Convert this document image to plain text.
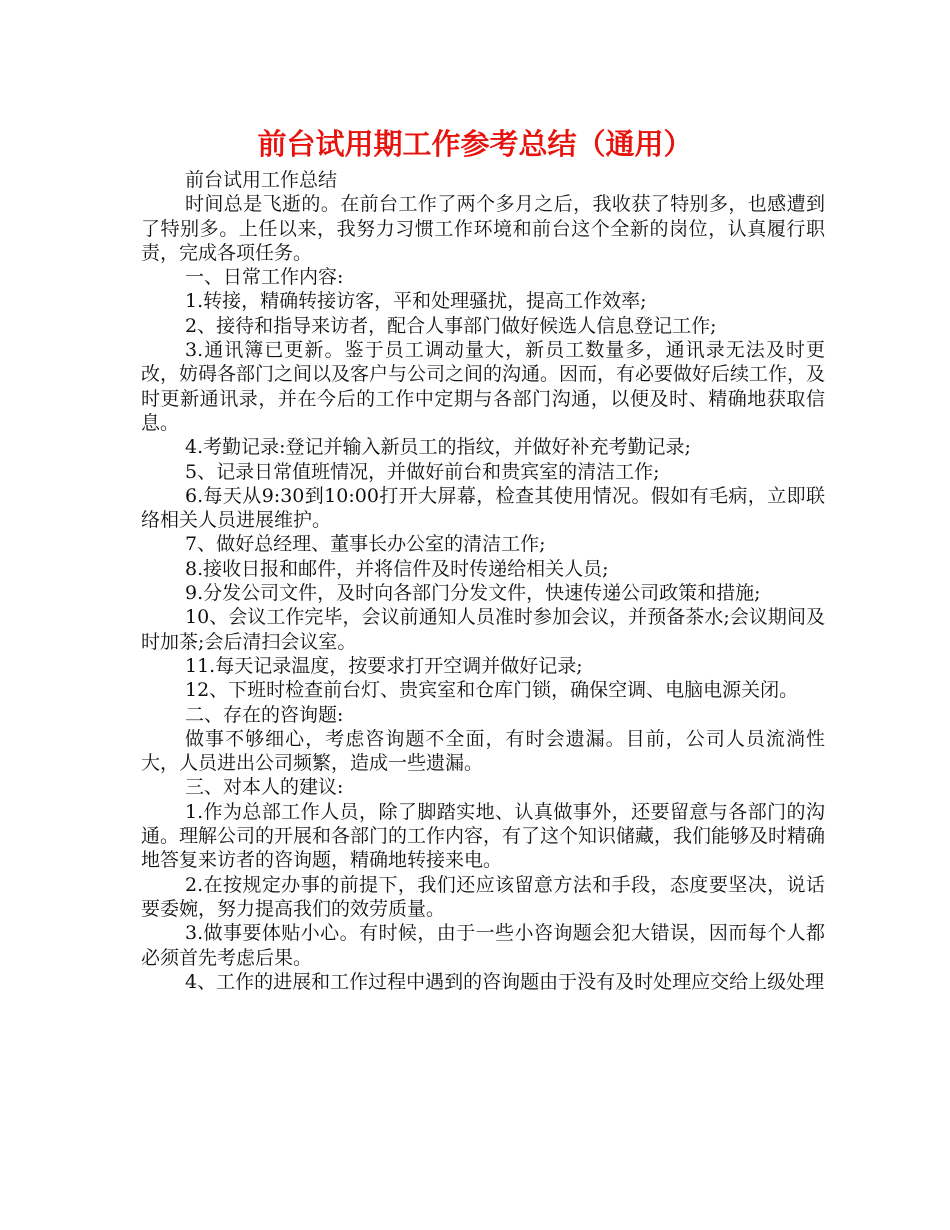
前台试用期工作参考总结（通用）

前台试用工作总结

时间总是飞逝的。在前台工作了两个多月之后，我收获了特别多，也感遭到了特别多。上任以来，我努力习惯工作环境和前台这个全新的岗位，认真履行职责，完成各项任务。

一、日常工作内容:

1.转接，精确转接访客，平和处理骚扰，提高工作效率;

2、接待和指导来访者，配合人事部门做好候选人信息登记工作;

3.通讯簿已更新。鉴于员工调动量大，新员工数量多，通讯录无法及时更改，妨碍各部门之间以及客户与公司之间的沟通。因而，有必要做好后续工作，及时更新通讯录，并在今后的工作中定期与各部门沟通，以便及时、精确地获取信息。

4.考勤记录:登记并输入新员工的指纹，并做好补充考勤记录;

5、记录日常值班情况，并做好前台和贵宾室的清洁工作;

6.每天从9:30到10:00打开大屏幕，检查其使用情况。假如有毛病，立即联络相关人员进展维护。

7、做好总经理、董事长办公室的清洁工作;

8.接收日报和邮件，并将信件及时传递给相关人员;

9.分发公司文件，及时向各部门分发文件，快速传递公司政策和措施;

10、会议工作完毕，会议前通知人员准时参加会议，并预备茶水;会议期间及时加茶;会后清扫会议室。

11.每天记录温度，按要求打开空调并做好记录;

12、下班时检查前台灯、贵宾室和仓库门锁，确保空调、电脑电源关闭。

二、存在的咨询题:

做事不够细心，考虑咨询题不全面，有时会遗漏。目前，公司人员流淌性大，人员进出公司频繁，造成一些遗漏。

三、对本人的建议:

1.作为总部工作人员，除了脚踏实地、认真做事外，还要留意与各部门的沟通。理解公司的开展和各部门的工作内容，有了这个知识储藏，我们能够及时精确地答复来访者的咨询题，精确地转接来电。

2.在按规定办事的前提下，我们还应该留意方法和手段，态度要坚决，说话要委婉，努力提高我们的效劳质量。

3.做事要体贴小心。有时候，由于一些小咨询题会犯大错误，因而每个人都必须首先考虑后果。

4、工作的进展和工作过程中遇到的咨询题由于没有及时处理应交给上级处理
